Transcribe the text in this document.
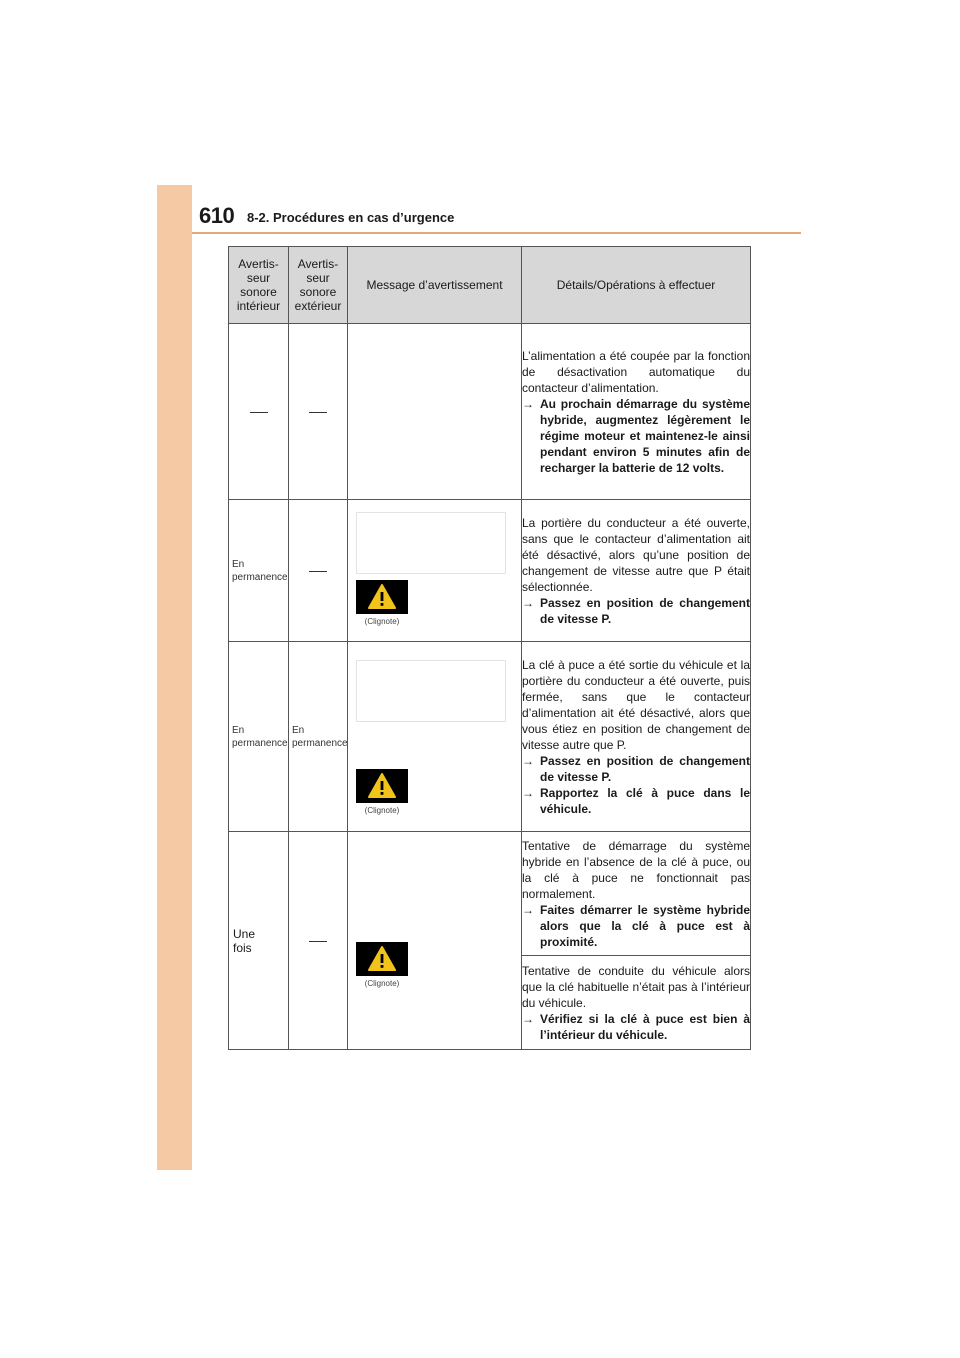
610 8-2. Procédures en cas d’urgence
Avertis-
seur
sonore
intérieur	Avertis-
seur
sonore
extérieur	Message d’avertissement	Détails/Opérations à effectuer

			L’alimentation a été coupée par la fonction de désactivation automatique du contacteur d’alimentation.
→ Au prochain démarrage du système hybride, augmentez légèrement le régime moteur et maintenez-le ainsi pendant environ 5 minutes afin de recharger la batterie de 12 volts.

En permanence		(Clignote)	La portière du conducteur a été ouverte, sans que le contacteur d’alimentation ait été désactivé, alors qu’une position de changement de vitesse autre que P était sélectionnée.
→ Passez en position de changement de vitesse P.

En permanence	En permanence	(Clignote)	La clé à puce a été sortie du véhicule et la portière du conducteur a été ouverte, puis fermée, sans que le contacteur d’alimentation ait été désactivé, alors que vous étiez en position de changement de vitesse autre que P.
→ Passez en position de changement de vitesse P.
→ Rapportez la clé à puce dans le véhicule.

Une fois		(Clignote)	Tentative de démarrage du système hybride en l’absence de la clé à puce, ou la clé à puce ne fonctionnait pas normalement.
→ Faites démarrer le système hybride alors que la clé à puce est à proximité.

			Tentative de conduite du véhicule alors que la clé habituelle n’était pas à l’intérieur du véhicule.
→ Vérifiez si la clé à puce est bien à l’intérieur du véhicule.
